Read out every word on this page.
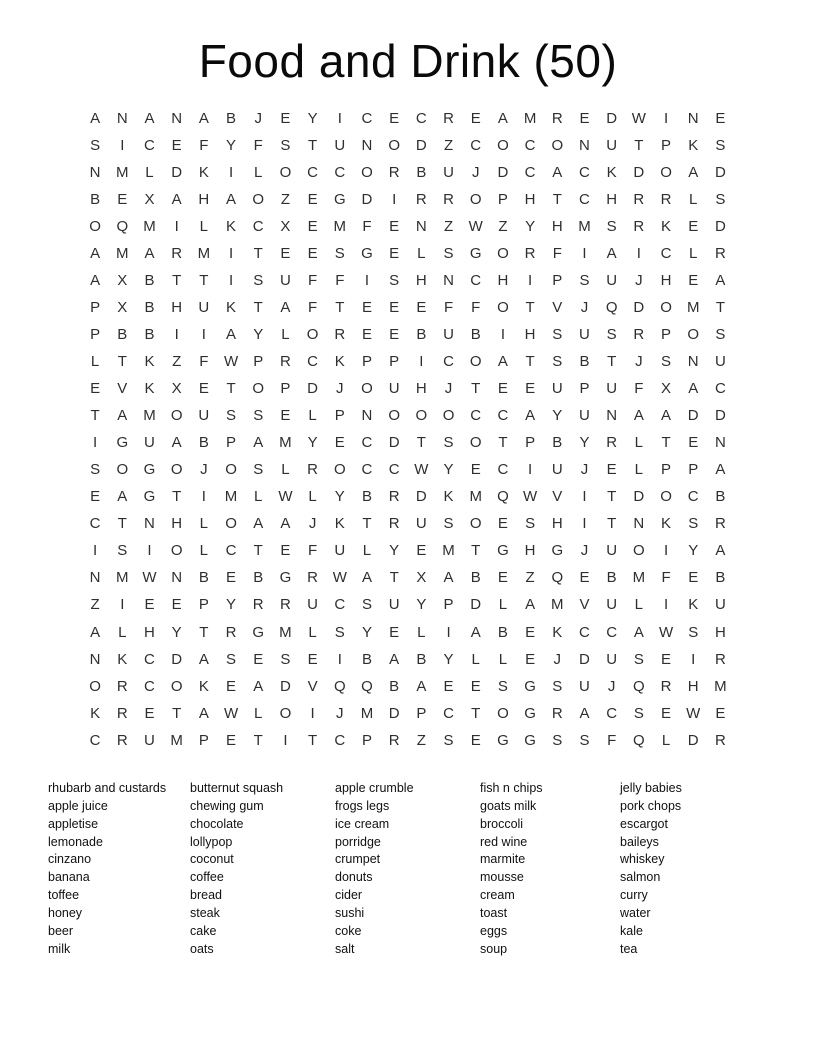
Food and Drink (50)
A	N	A	N	A	B	J	E	Y	I	C	E	C	R	E	A	M	R	E	D W	I	N	E
S	I	C	E	F	Y	F	S	T	U	N	O	D	Z	C	O	C	O	N	U	T	P	K	S
N	M	L	D	K	I	L	O	C	C	O	R	B	U	J	D	C	A	C	K	D	O	A	D
B	E	X	A	H	A	O	Z	E	G	D	I	R	R	O	P	H	T	C	H	R	R	L	S
O	Q	M	I	L	K	C	X	E	M	F	E	N	Z	W	Z	Y	H	M	S	R	K	E	D
A	M	A	R	M	I	T	E	E	S	G	E	L	S	G	O	R	F	I	A	I	C	L	R
A	X	B	T	T	I	S	U	F	F	I	S	H	N	C	H	I	P	S	U	J	H	E	A
P	X	B	H	U	K	T	A	F	T	E	E	E	F	F	O	T	V	J	Q	D	O	M	T
P	B	B	I	I	A	Y	L	O	R	E	E	B	U	B	I	H	S	U	S	R	P	O	S
L	T	K	Z	F	W	P	R	C	K	P	P	I	C	O	A	T	S	B	T	J	S	N	U
E	V	K	X	E	T	O	P	D	J	O	U	H	J	T	E	E	U	P	U	F	X	A	C
T	A	M	O	U	S	S	E	L	P	N	O	O	O	C	C	A	Y	U	N	A	A	D	D
I	G	U	A	B	P	A	M	Y	E	C	D	T	S	O	T	P	B	Y	R	L	T	E	N
S	O	G	O	J	O	S	L	R	O	C	C W	Y	E	C	I	U	J	E	L	P	P	A
E	A	G	T	I	M	L	W	L	Y	B	R	D	K	M	Q W	V	I	T	D	O	C	B
C	T	N	H	L	O	A	A	J	K	T	R	U	S	O	E	S	H	I	T	N	K	S	R
I	S	I	O	L	C	T	E	F	U	L	Y	E	M	T	G	H	G	J	U	O	I	Y	A
N	M W N	B	E	B	G	R W	A	T	X	A	B	E	Z	Q	E	B	M	F	E	B
Z	I	E	E	P	Y	R	R	U	C	S	U	Y	P	D	L	A	M	V	U	L	I	K	U
A	L	H	Y	T	R	G	M	L	S	Y	E	L	I	A	B	E	K	C	C	A	W	S	H
N	K	C	D	A	S	E	S	E	I	B	A	B	Y	L	L	E	J	D	U	S	E	I	R
O	R	C	O	K	E	A	D	V	Q	Q	B	A	E	E	S	G	S	U	J	Q	R	H	M
K	R	E	T	A	W	L	O	I	J	M	D	P	C	T	O	G	R	A	C	S	E	W	E
C	R	U	M	P	E	T	I	T	C	P	R	Z	S	E	G	G	S	S	F	Q	L	D	R
rhubarb and custards
apple juice
appletise
lemonade
cinzano
banana
toffee
honey
beer
milk
butternut squash
chewing gum
chocolate
lollypop
coconut
coffee
bread
steak
cake
oats
apple crumble
frogs legs
ice cream
porridge
crumpet
donuts
cider
sushi
coke
salt
fish n chips
goats milk
broccoli
red wine
marmite
mousse
cream
toast
eggs
soup
jelly babies
pork chops
escargot
baileys
whiskey
salmon
curry
water
kale
tea
